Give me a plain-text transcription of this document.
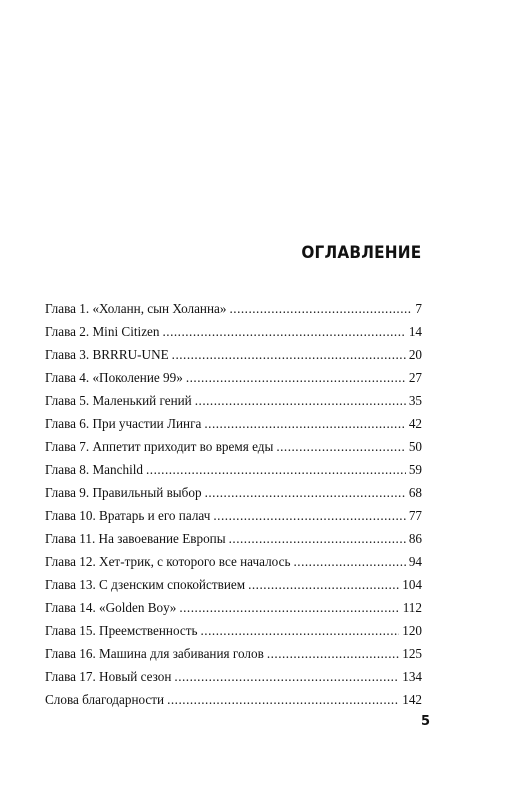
ОГЛАВЛЕНИЕ
Глава 1. «Холанн, сын Холанна» . . .	7
Глава 2. Mini Citizen . . .	14
Глава 3. BRRRU-UNE . . .	20
Глава 4. «Поколение 99» . . .	27
Глава 5. Маленький гений . . .	35
Глава 6. При участии Линга . . .	42
Глава 7. Аппетит приходит во время еды . . .	50
Глава 8. Manchild . . .	59
Глава 9. Правильный выбор . . .	68
Глава 10. Вратарь и его палач . . .	77
Глава 11. На завоевание Европы . . .	86
Глава 12. Хет-трик, с которого все началось . . .	94
Глава 13. С дзенским спокойствием . . .	104
Глава 14. «Golden Boy» . . .	112
Глава 15. Преемственность . . .	120
Глава 16. Машина для забивания голов . . .	125
Глава 17. Новый сезон . . .	134
Слова благодарности . . .	142
5
